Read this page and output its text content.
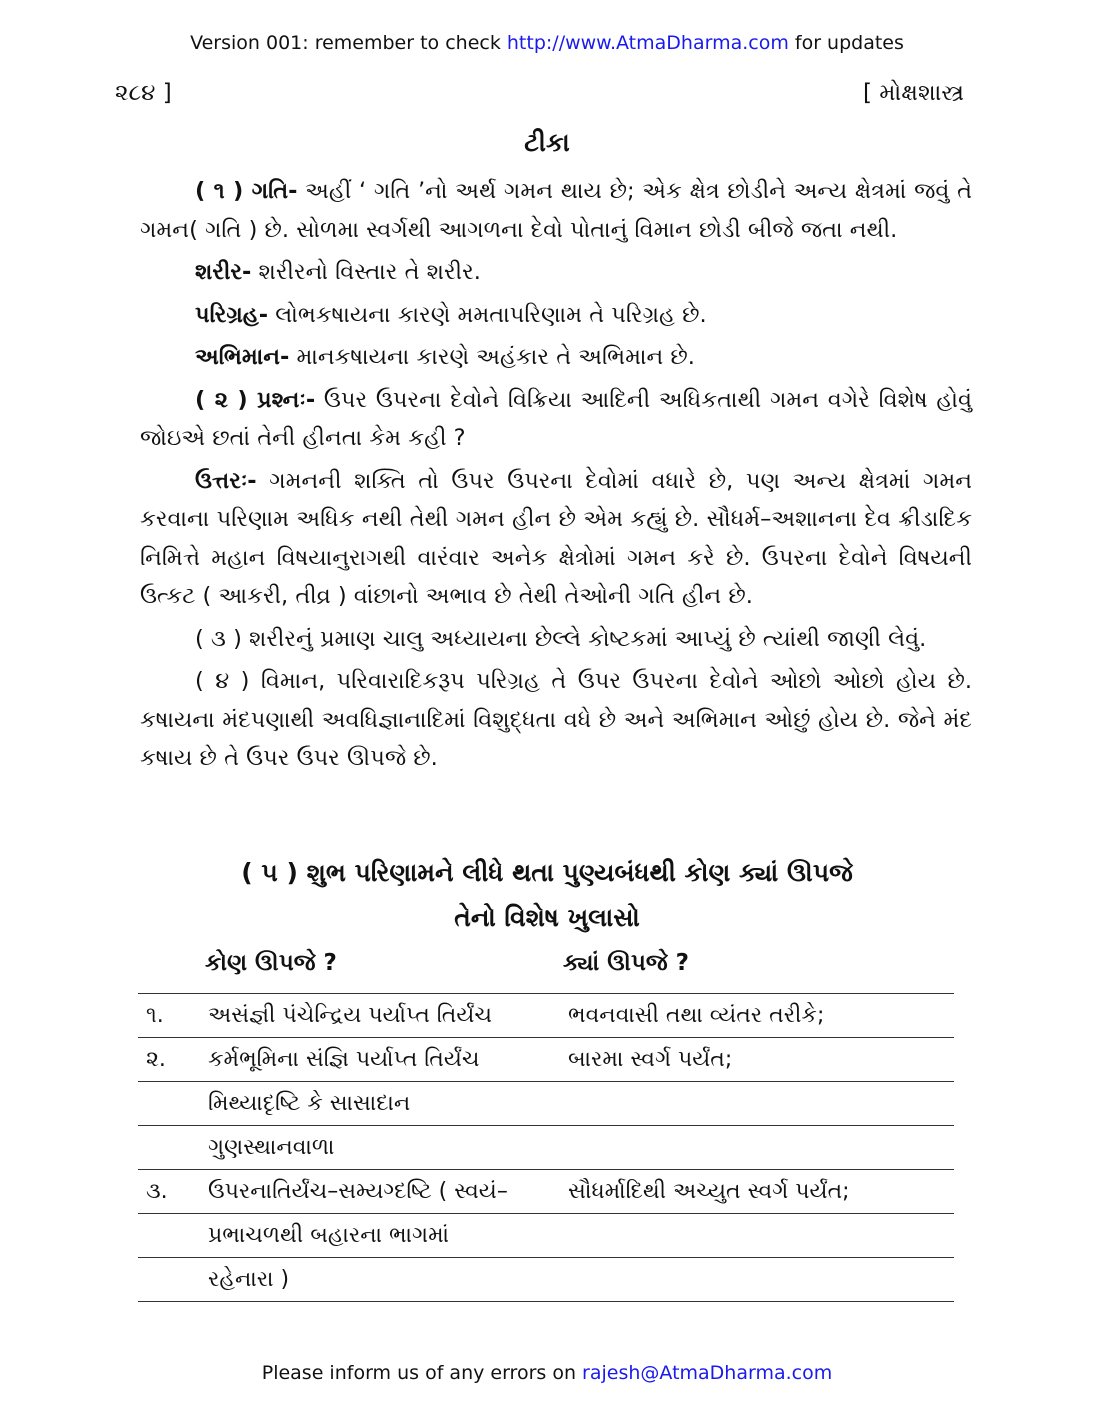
Version 001: remember to check http://www.AtmaDharma.com for updates
૨૮૪ ]	[ મોક્ષશાસ્ત્ર
ટીકા

( ૧ ) ગતિ- અહીં ‘ ગતિ ’નો અર્થ ગમન થાય છે; એક ક્ષેત્ર છોડીને અન્ય ક્ષેત્રમાં જવું તે ગમન( ગતિ ) છે. સોળમા સ્વર્ગથી આગળના દેવો પોતાનું વિમાન છોડી બીજે જતા નથી.

શરીર- શરીરનો વિસ્તાર તે શરીર.

પરિગ્રહ- લોભકષાયના કારણે મમતાપરિણામ તે પરિગ્રહ છે.

અભિમાન- માનકષાયના કારણે અહંકાર તે અભિમાન છે.

( ૨ ) પ્રશ્નઃ- ઉપર ઉપરના દેવોને વિક્રિયા આદિની અધિકતાથી ગમન વગેરે વિશેષ હોવું જોઇએ છતાં તેની હીનતા કેમ કહી ?

ઉત્તરઃ- ગમનની શક્તિ તો ઉપર ઉપરના દેવોમાં વધારે છે, પણ અન્ય ક્ષેત્રમાં ગમન કરવાના પરિણામ અધિક નથી તેથી ગમન હીન છે એમ કહ્યું છે. સૌધર્મ–અશાનના દેવ ક્રીડાદિક નિમિત્તે મહાન વિષયાનુરાગથી વારંવાર અનેક ક્ષેત્રોમાં ગમન કરે છે. ઉપરના દેવોને વિષયની ઉત્કટ ( આકરી, તીવ્ર ) વાંછાનો અભાવ છે તેથી તેઓની ગતિ હીન છે.

( ૩ ) શરીરનું પ્રમાણ ચાલુ અધ્યાયના છેલ્લે કોષ્ટકમાં આપ્યું છે ત્યાંથી જાણી લેવું.

( ૪ ) વિમાન, પરિવારાદિકરૂપ પરિગ્રહ તે ઉપર ઉપરના દેવોને ઓછો ઓછો હોય છે. કષાયના મંદપણાથી અવધિજ્ઞાનાદિમાં વિશુદ્ધતા વધે છે અને અભિમાન ઓછું હોય છે. જેને મંદ કષાય છે તે ઉપર ઉપર ઊપજે છે.

( ૫ ) શુભ પરિણામને લીધે થતા પુણ્યબંધથી કોણ ક્યાં ઊપજે
તેનો વિશેષ ખુલાસો
કોણ ઊપજે ?	ક્યાં ઊપજે ?
૧.	અસંજ્ઞી પંચેન્દ્રિય પર્યાપ્ત તિર્યંચ	ભવનવાસી તથા વ્યંતર તરીકે;
૨.	કર્મભૂમિના સંજ્ઞિ પર્યાપ્ત તિર્યંચ	બારમા સ્વર્ગ પર્યંત;
	મિથ્યાદૃષ્ટિ કે સાસાદાન	
	ગુણસ્થાનવાળા	
૩.	ઉપરનાતિર્યંચ–સમ્યગ્દષ્ટિ ( સ્વયં–	સૌધર્માદિથી અચ્યુત સ્વર્ગ પર્યંત;
	પ્રભાચળથી બહારના ભાગમાં	
	રહેનારા )	
Please inform us of any errors on rajesh@AtmaDharma.com
